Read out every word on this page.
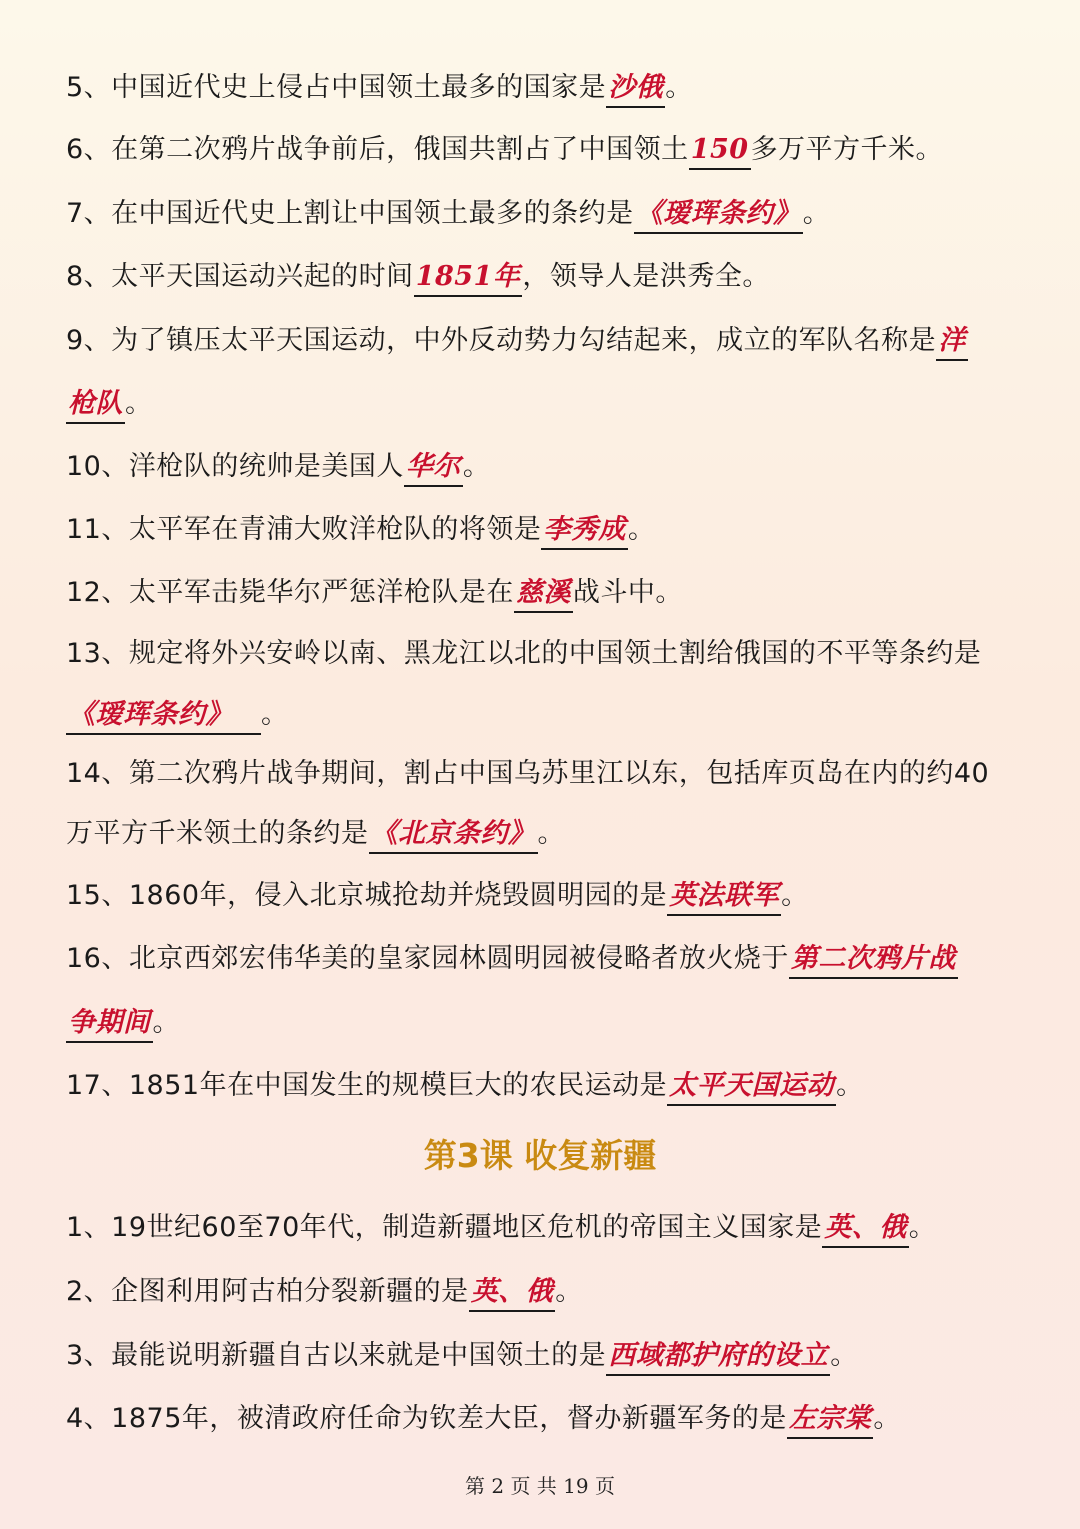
5、中国近代史上侵占中国领土最多的国家是沙俄。
6、在第二次鸦片战争前后，俄国共割占了中国领土150多万平方千米。
7、在中国近代史上割让中国领土最多的条约是《瑷珲条约》。
8、太平天国运动兴起的时间1851年，领导人是洪秀全。
9、为了镇压太平天国运动，中外反动势力勾结起来，成立的军队名称是洋
枪队。
10、洋枪队的统帅是美国人华尔。
11、太平军在青浦大败洋枪队的将领是李秀成。
12、太平军击毙华尔严惩洋枪队是在慈溪战斗中。
13、规定将外兴安岭以南、黑龙江以北的中国领土割给俄国的不平等条约是
《瑷珲条约》 。
14、第二次鸦片战争期间，割占中国乌苏里江以东，包括库页岛在内的约40
万平方千米领土的条约是《北京条约》。
15、1860年，侵入北京城抢劫并烧毁圆明园的是英法联军。
16、北京西郊宏伟华美的皇家园林圆明园被侵略者放火烧于第二次鸦片战
争期间。
17、1851年在中国发生的规模巨大的农民运动是太平天国运动。
第3课 收复新疆
1、19世纪60至70年代，制造新疆地区危机的帝国主义国家是英、俄。
2、企图利用阿古柏分裂新疆的是英、俄。
3、最能说明新疆自古以来就是中国领土的是西域都护府的设立。
4、1875年，被清政府任命为钦差大臣，督办新疆军务的是左宗棠。
第 2 页 共 19 页
